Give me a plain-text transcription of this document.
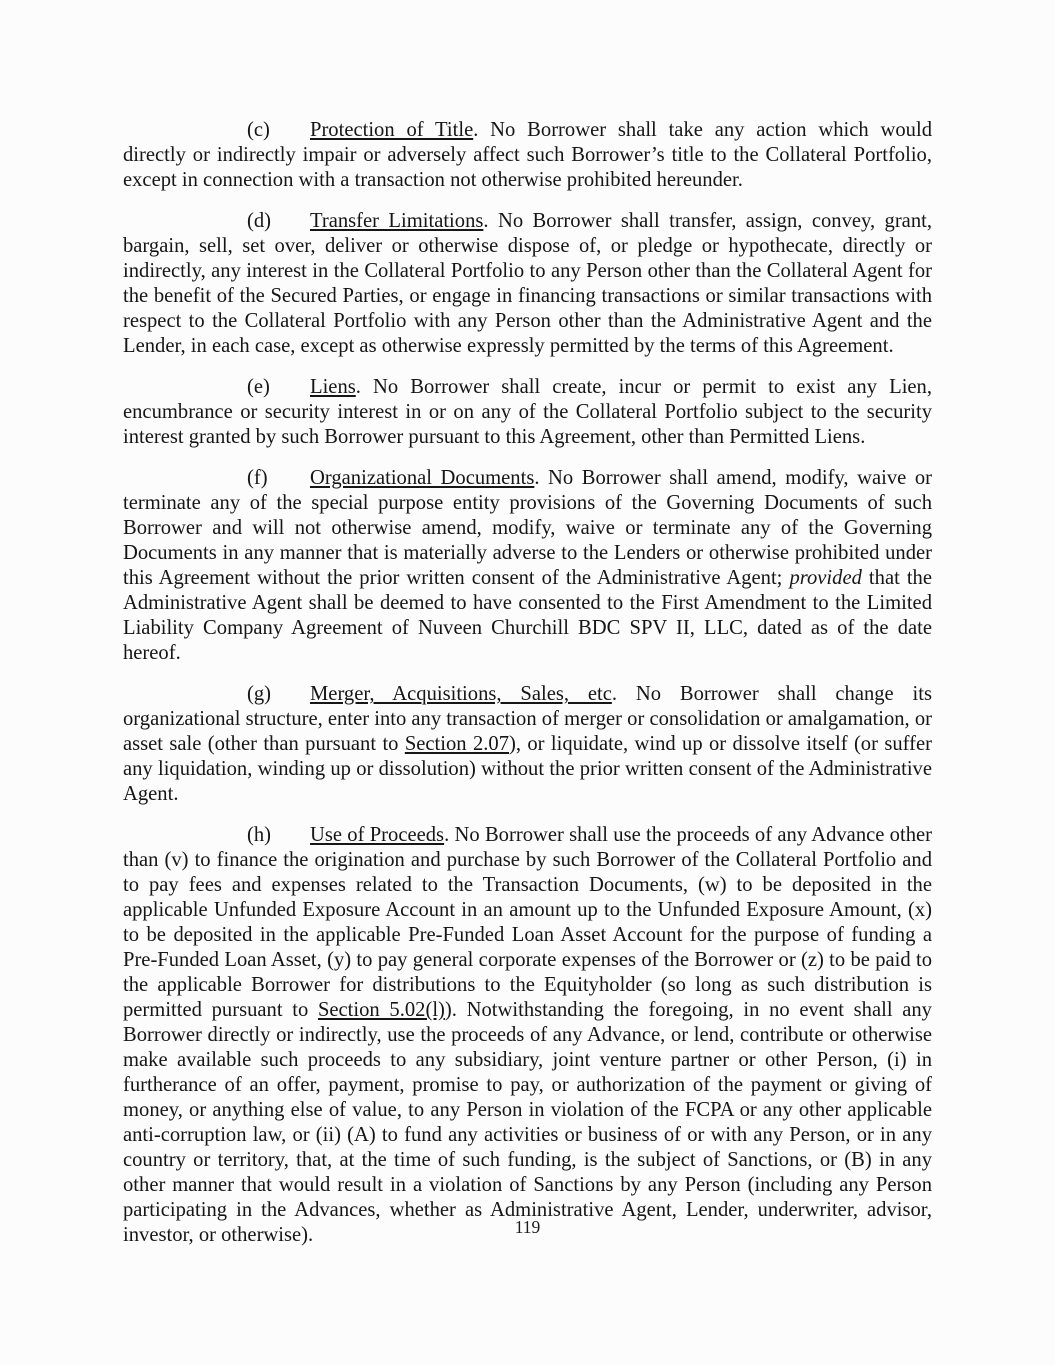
(c) Protection of Title. No Borrower shall take any action which would directly or indirectly impair or adversely affect such Borrower’s title to the Collateral Portfolio, except in connection with a transaction not otherwise prohibited hereunder.

(d) Transfer Limitations. No Borrower shall transfer, assign, convey, grant, bargain, sell, set over, deliver or otherwise dispose of, or pledge or hypothecate, directly or indirectly, any interest in the Collateral Portfolio to any Person other than the Collateral Agent for the benefit of the Secured Parties, or engage in financing transactions or similar transactions with respect to the Collateral Portfolio with any Person other than the Administrative Agent and the Lender, in each case, except as otherwise expressly permitted by the terms of this Agreement.

(e) Liens. No Borrower shall create, incur or permit to exist any Lien, encumbrance or security interest in or on any of the Collateral Portfolio subject to the security interest granted by such Borrower pursuant to this Agreement, other than Permitted Liens.

(f) Organizational Documents. No Borrower shall amend, modify, waive or terminate any of the special purpose entity provisions of the Governing Documents of such Borrower and will not otherwise amend, modify, waive or terminate any of the Governing Documents in any manner that is materially adverse to the Lenders or otherwise prohibited under this Agreement without the prior written consent of the Administrative Agent; provided that the Administrative Agent shall be deemed to have consented to the First Amendment to the Limited Liability Company Agreement of Nuveen Churchill BDC SPV II, LLC, dated as of the date hereof.

(g) Merger, Acquisitions, Sales, etc. No Borrower shall change its organizational structure, enter into any transaction of merger or consolidation or amalgamation, or asset sale (other than pursuant to Section 2.07), or liquidate, wind up or dissolve itself (or suffer any liquidation, winding up or dissolution) without the prior written consent of the Administrative Agent.

(h) Use of Proceeds. No Borrower shall use the proceeds of any Advance other than (v) to finance the origination and purchase by such Borrower of the Collateral Portfolio and to pay fees and expenses related to the Transaction Documents, (w) to be deposited in the applicable Unfunded Exposure Account in an amount up to the Unfunded Exposure Amount, (x) to be deposited in the applicable Pre-Funded Loan Asset Account for the purpose of funding a Pre-Funded Loan Asset, (y) to pay general corporate expenses of the Borrower or (z) to be paid to the applicable Borrower for distributions to the Equityholder (so long as such distribution is permitted pursuant to Section 5.02(l)). Notwithstanding the foregoing, in no event shall any Borrower directly or indirectly, use the proceeds of any Advance, or lend, contribute or otherwise make available such proceeds to any subsidiary, joint venture partner or other Person, (i) in furtherance of an offer, payment, promise to pay, or authorization of the payment or giving of money, or anything else of value, to any Person in violation of the FCPA or any other applicable anti-corruption law, or (ii) (A) to fund any activities or business of or with any Person, or in any country or territory, that, at the time of such funding, is the subject of Sanctions, or (B) in any other manner that would result in a violation of Sanctions by any Person (including any Person participating in the Advances, whether as Administrative Agent, Lender, underwriter, advisor, investor, or otherwise).	119
